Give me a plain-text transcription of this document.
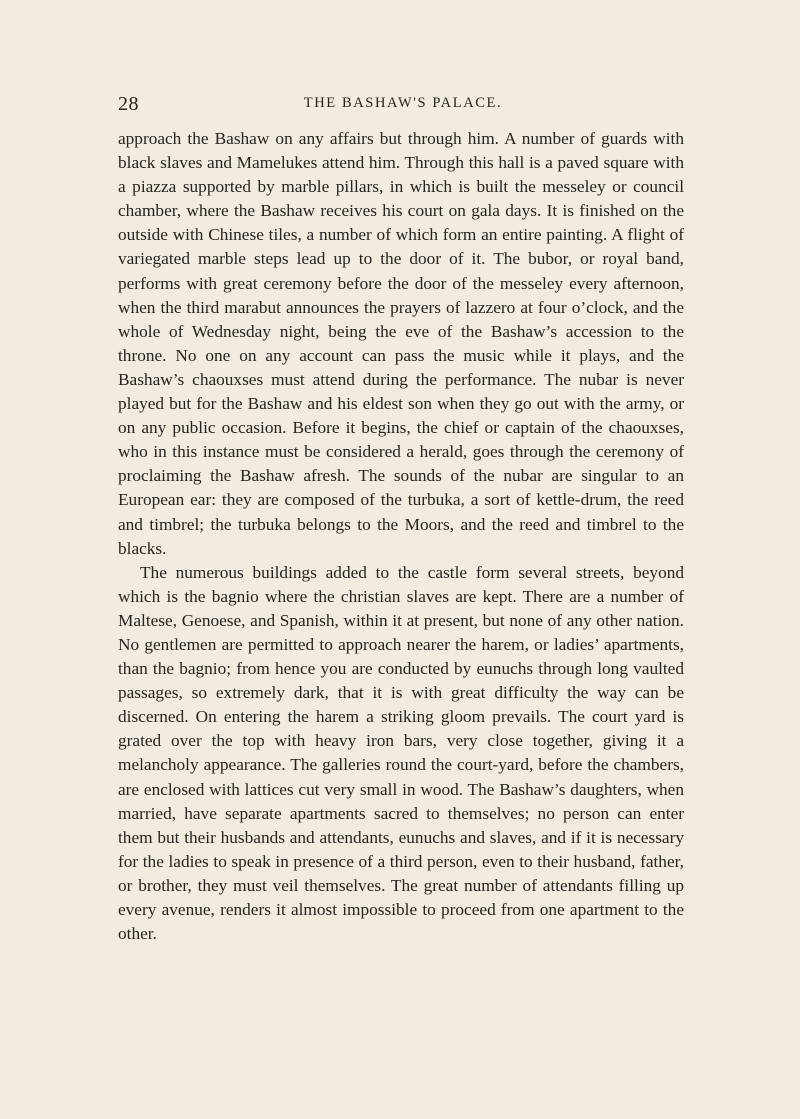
28	THE BASHAW'S PALACE.

approach the Bashaw on any affairs but through him. A number of guards with black slaves and Mamelukes attend him. Through this hall is a paved square with a piazza supported by marble pillars, in which is built the messeley or council chamber, where the Bashaw receives his court on gala days. It is finished on the outside with Chinese tiles, a number of which form an entire painting. A flight of variegated marble steps lead up to the door of it. The bubor, or royal band, performs with great ceremony before the door of the messeley every afternoon, when the third marabut announces the prayers of lazzero at four o’clock, and the whole of Wednesday night, being the eve of the Bashaw’s accession to the throne. No one on any account can pass the music while it plays, and the Bashaw’s chaouxses must attend during the performance. The nubar is never played but for the Bashaw and his eldest son when they go out with the army, or on any public occasion. Before it begins, the chief or captain of the chaouxses, who in this instance must be considered a herald, goes through the ceremony of proclaiming the Bashaw afresh. The sounds of the nubar are singular to an European ear: they are composed of the turbuka, a sort of kettle-drum, the reed and timbrel; the turbuka belongs to the Moors, and the reed and timbrel to the blacks.

The numerous buildings added to the castle form several streets, beyond which is the bagnio where the christian slaves are kept. There are a number of Maltese, Genoese, and Spanish, within it at present, but none of any other nation. No gentlemen are permitted to approach nearer the harem, or ladies’ apartments, than the bagnio; from hence you are conducted by eunuchs through long vaulted passages, so extremely dark, that it is with great difficulty the way can be discerned. On entering the harem a striking gloom prevails. The court yard is grated over the top with heavy iron bars, very close together, giving it a melancholy appearance. The galleries round the court-yard, before the chambers, are enclosed with lattices cut very small in wood. The Bashaw’s daughters, when married, have separate apartments sacred to themselves; no person can enter them but their husbands and attendants, eunuchs and slaves, and if it is necessary for the ladies to speak in presence of a third person, even to their husband, father, or brother, they must veil themselves. The great number of attendants filling up every avenue, renders it almost impossible to proceed from one apartment to the other.
